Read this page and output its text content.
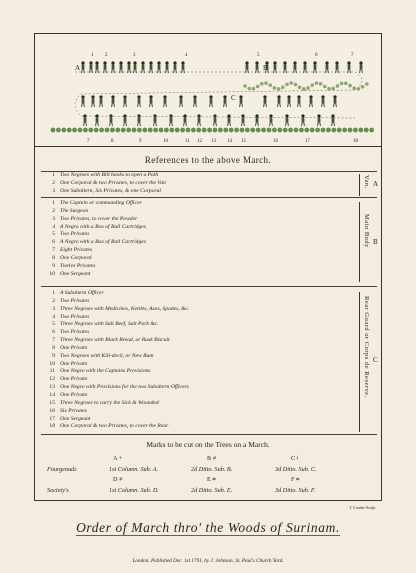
A	B
C
1 2	3	4	5	6	7
7	8	9	10	11 12 13 14 15	16	17	18
References to the above March.
1 Two Negroes with Bill hooks to open a Path
2 One Corporal & two Privates, to cover the Van
3 One Subaltern, Six Privates, & one Corporal
1 The Captain or commanding Officer
2 The Surgeon
3 Two Privates, to cover the Powder
4 A Negro with a Box of Ball Cartridges
5 Two Privates
6 A Negro with a Box of Ball Cartridges
7 Eight Privates
8 One Corporal
9 Twelve Privates
10 One Sergeant
1 A Subaltern Officer
2 Two Privates
3 Three Negroes with Medicines, Kettles, Axes, Spades, &c.
4 Two Privates
5 Three Negroes with Salt Beef, Salt Pork &c.
6 Two Privates
7 Three Negroes with Black Bread, or Rusk Biscuit
8 One Private
9 Two Negroes with Kill-devil, or New Rum
10 One Private
11 One Negro with the Captains Provisions
12 One Private
13 One Negro with Provisions for the two Subaltern Officers
14 One Private
15 Three Negroes to carry the Sick & Wounded
16 Six Privates
17 One Sergeant
18 One Corporal & two Privates, to cover the Rear
Van. A
Main Body B
Rear Guard or Corps de Reserve. C
Marks to be cut on the Trees on a March.
A +	B ≢	C ǂ
Fourgeouds	1st Column. Sub. A.	2d Ditto. Sub. B.	3d Ditto. Sub. C.
D ≢	E ⌗	F ⌗
Society's	1st Column. Sub. D.	2d Ditto. Sub. E.	3d Ditto. Sub. F.
T. Conder Sculp.
Order of March thro' the Woods of Surinam.
London, Published Dec. 1st 1791, by J. Johnson, St. Paul's Church Yard.
